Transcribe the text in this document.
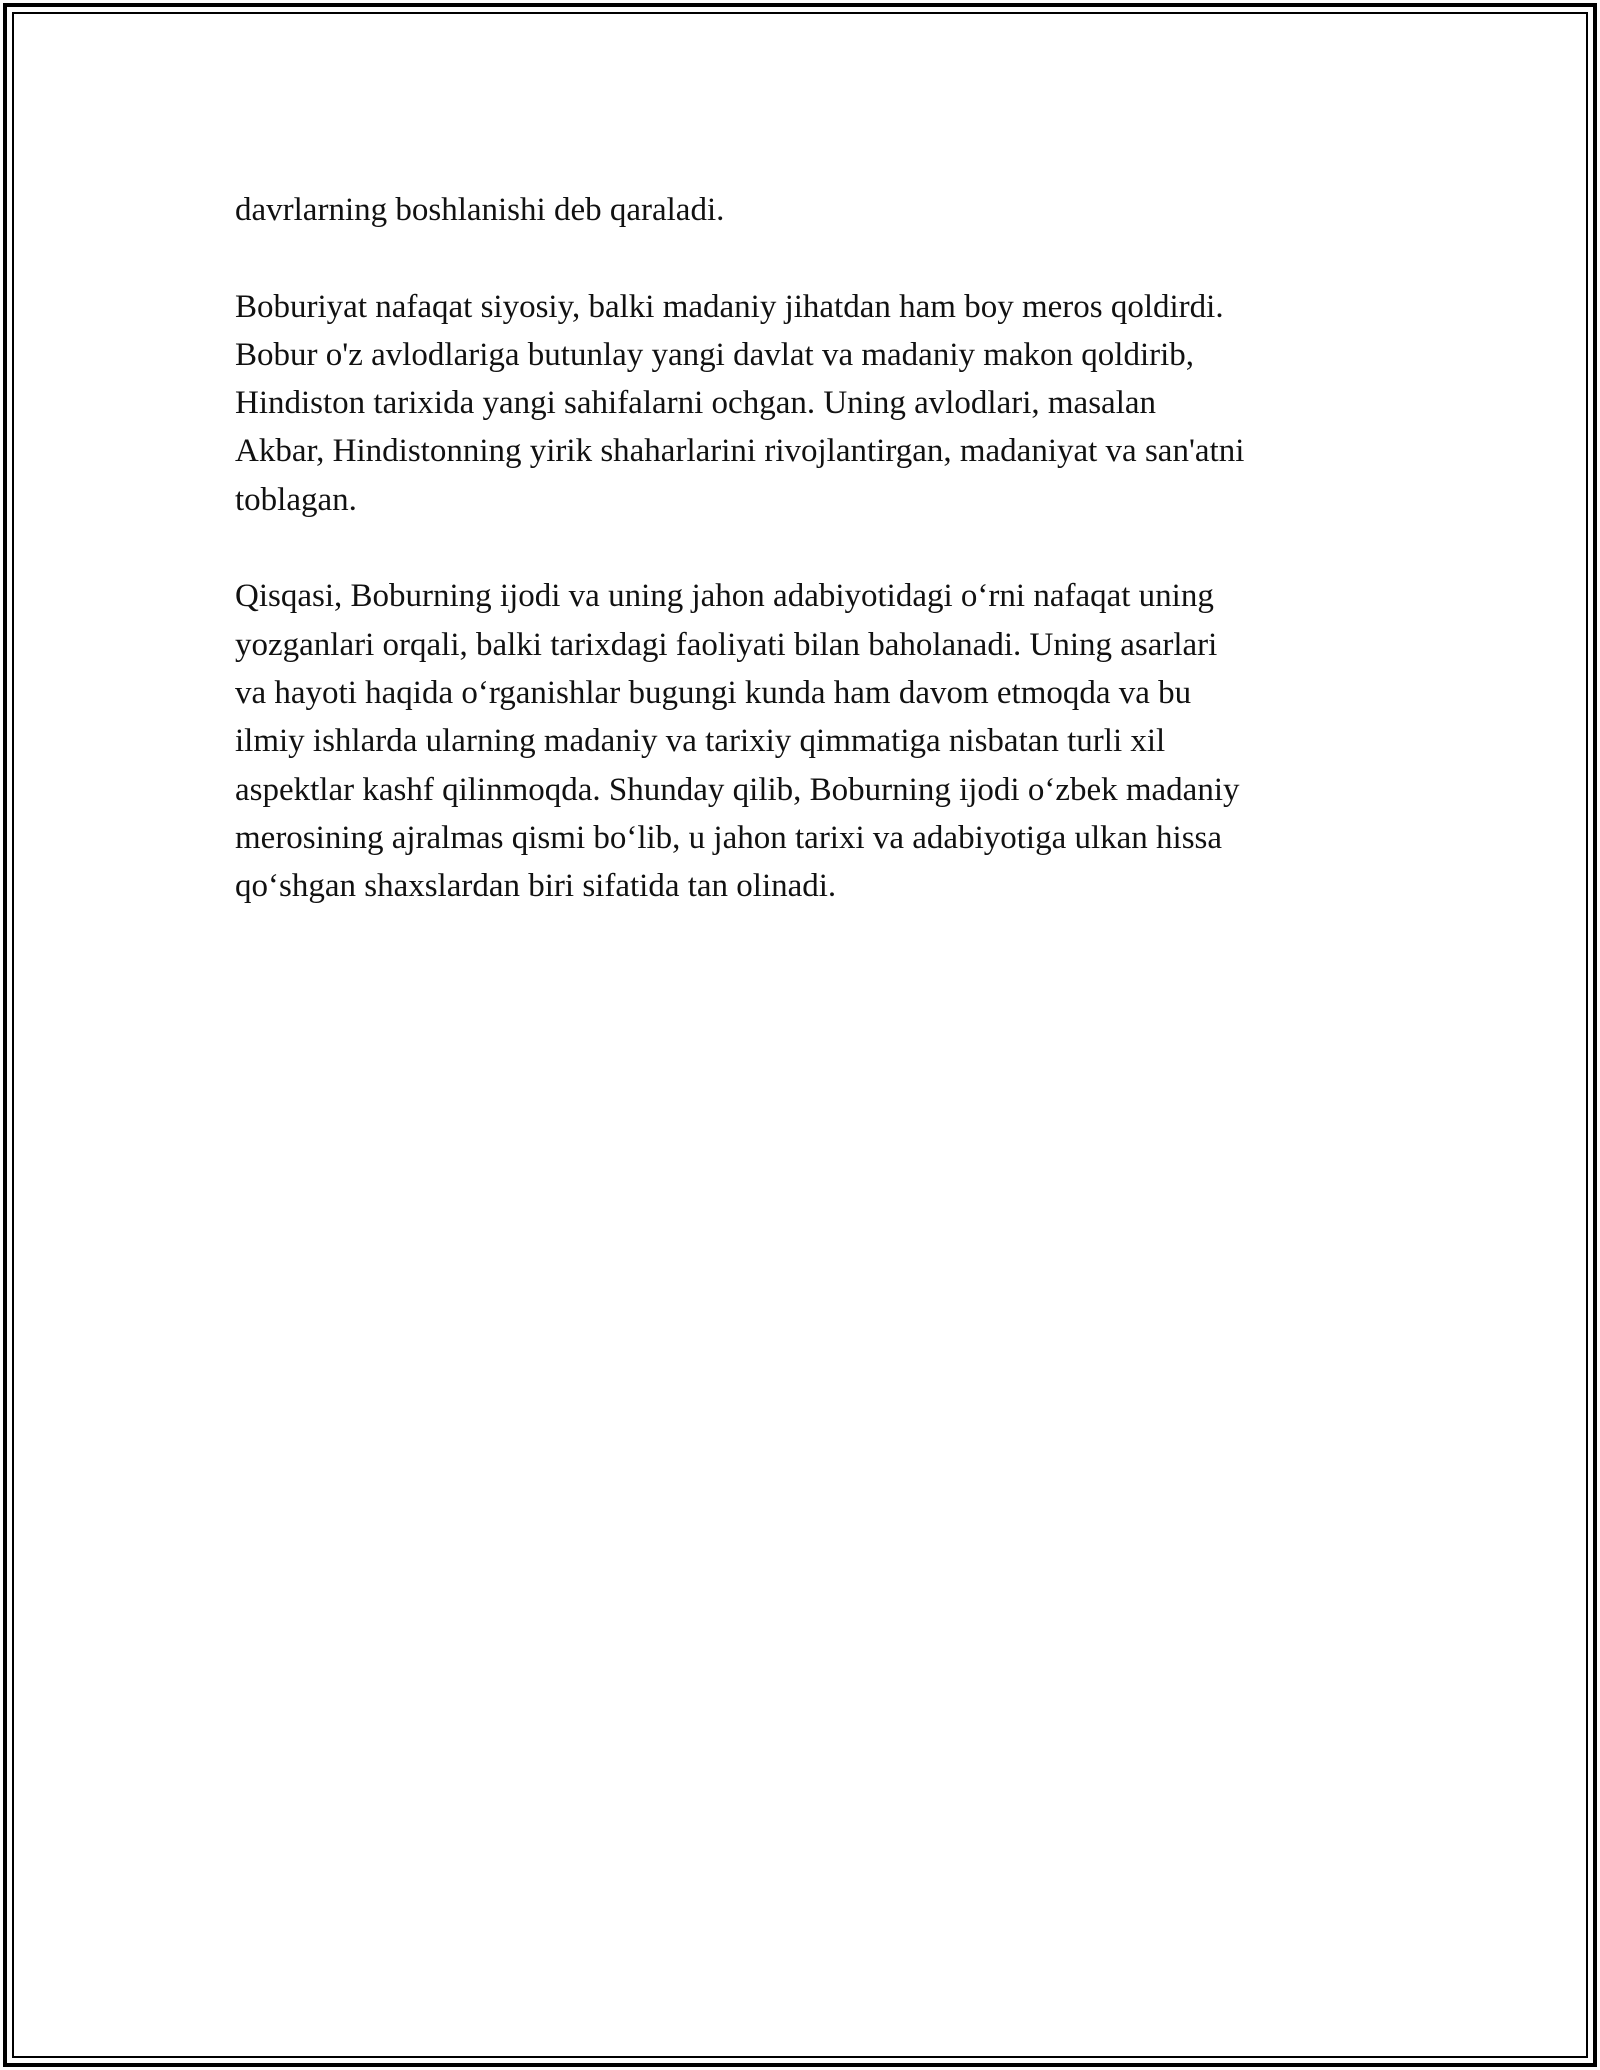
davrlarning boshlanishi deb qaraladi.

Boburiyat nafaqat siyosiy, balki madaniy jihatdan ham boy meros qoldirdi.
Bobur o'z avlodlariga butunlay yangi davlat va madaniy makon qoldirib,
Hindiston tarixida yangi sahifalarni ochgan. Uning avlodlari, masalan
Akbar, Hindistonning yirik shaharlarini rivojlantirgan, madaniyat va san'atni
toblagan.

Qisqasi, Boburning ijodi va uning jahon adabiyotidagi o‘rni nafaqat uning
yozganlari orqali, balki tarixdagi faoliyati bilan baholanadi. Uning asarlari
va hayoti haqida o‘rganishlar bugungi kunda ham davom etmoqda va bu
ilmiy ishlarda ularning madaniy va tarixiy qimmatiga nisbatan turli xil
aspektlar kashf qilinmoqda. Shunday qilib, Boburning ijodi o‘zbek madaniy
merosining ajralmas qismi bo‘lib, u jahon tarixi va adabiyotiga ulkan hissa
qo‘shgan shaxslardan biri sifatida tan olinadi.
